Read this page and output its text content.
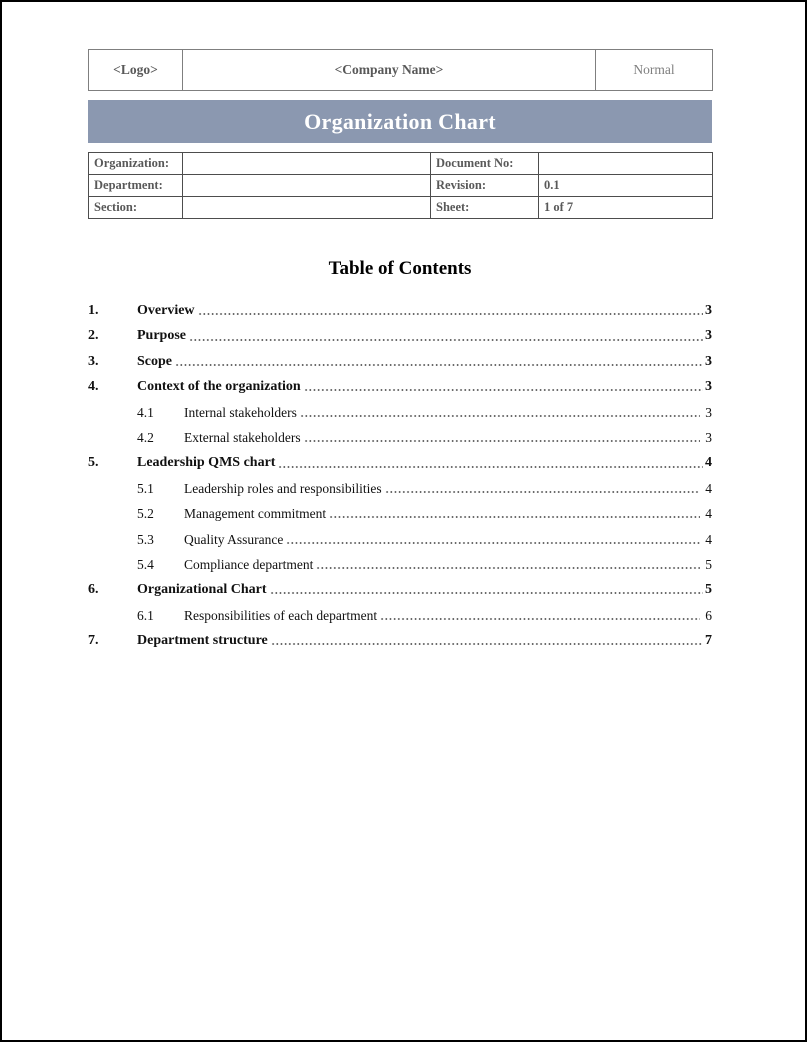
<Logo>	<Company Name>	Normal
Organization Chart
Organization:		Document No:	
Department:		Revision:	0.1
Section:		Sheet:	1 of 7
Table of Contents
1.	Overview	3
2.	Purpose	3
3.	Scope	3
4.	Context of the organization	3
4.1	Internal stakeholders	3
4.2	External stakeholders	3
5.	Leadership QMS chart	4
5.1	Leadership roles and responsibilities	4
5.2	Management commitment	4
5.3	Quality Assurance	4
5.4	Compliance department	5
6.	Organizational Chart	5
6.1	Responsibilities of each department	6
7.	Department structure	7
